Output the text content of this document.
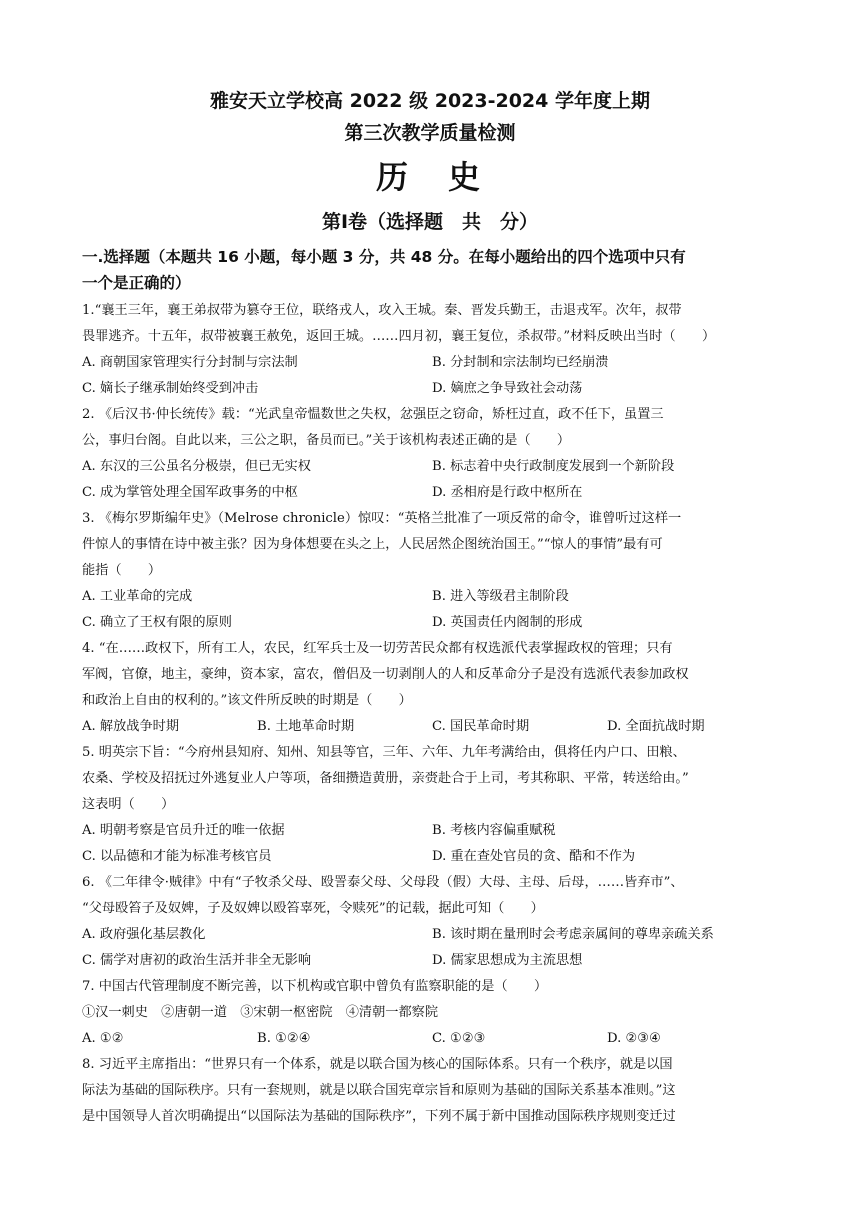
雅安天立学校高 2022 级 2023-2024 学年度上期
第三次教学质量检测
历　史
第Ⅰ卷（选择题　共　分）
一.选择题（本题共 16 小题，每小题 3 分，共 48 分。在每小题给出的四个选项中只有
一个是正确的）
1.“襄王三年，襄王弟叔带为篡夺王位，联络戎人，攻入王城。秦、晋发兵勤王，击退戎军。次年，叔带
畏罪逃齐。十五年，叔带被襄王赦免，返回王城。……四月初，襄王复位，杀叔带。”材料反映出当时（　　）
A. 商朝国家管理实行分封制与宗法制	B. 分封制和宗法制均已经崩溃
C. 嫡长子继承制始终受到冲击	D. 嫡庶之争导致社会动荡
2. 《后汉书·仲长统传》载：“光武皇帝愠数世之失权，忿强臣之窃命，矫枉过直，政不任下，虽置三
公，事归台阁。自此以来，三公之职，备员而已。”关于该机构表述正确的是（　　）
A. 东汉的三公虽名分极崇，但已无实权	B. 标志着中央行政制度发展到一个新阶段
C. 成为掌管处理全国军政事务的中枢	D. 丞相府是行政中枢所在
3. 《梅尔罗斯编年史》（Melrose chronicle）惊叹：“英格兰批准了一项反常的命令，谁曾听过这样一
件惊人的事情在诗中被主张？因为身体想要在头之上，人民居然企图统治国王。”“惊人的事情”最有可
能指（　　）
A. 工业革命的完成	B. 进入等级君主制阶段
C. 确立了王权有限的原则	D. 英国责任内阁制的形成
4. “在……政权下，所有工人，农民，红军兵士及一切劳苦民众都有权选派代表掌握政权的管理；只有
军阀，官僚，地主，豪绅，资本家，富农，僧侣及一切剥削人的人和反革命分子是没有选派代表参加政权
和政治上自由的权利的。”该文件所反映的时期是（　　）
A. 解放战争时期	B. 土地革命时期	C. 国民革命时期	D. 全面抗战时期
5. 明英宗下旨：“今府州县知府、知州、知县等官，三年、六年、九年考满给由，俱将任内户口、田粮、
农桑、学校及招抚过外逃复业人户等项，备细攒造黄册，亲赍赴合于上司，考其称职、平常，转送给由。”
这表明（　　）
A. 明朝考察是官员升迁的唯一依据	B. 考核内容偏重赋税
C. 以品德和才能为标准考核官员	D. 重在查处官员的贪、酷和不作为
6. 《二年律令·贼律》中有“子牧杀父母、殴詈泰父母、父母段（假）大母、主母、后母，……皆弃市”、
“父母殴笞子及奴婢，子及奴婢以殴笞辜死，令赎死”的记载，据此可知（　　）
A. 政府强化基层教化	B. 该时期在量刑时会考虑亲属间的尊卑亲疏关系
C. 儒学对唐初的政治生活并非全无影响	D. 儒家思想成为主流思想
7. 中国古代管理制度不断完善，以下机构或官职中曾负有监察职能的是（　　）
①汉一刺史　②唐朝一道　③宋朝一枢密院　④清朝一都察院
A. ①②	B. ①②④	C. ①②③	D. ②③④
8. 习近平主席指出：“世界只有一个体系，就是以联合国为核心的国际体系。只有一个秩序，就是以国
际法为基础的国际秩序。只有一套规则，就是以联合国宪章宗旨和原则为基础的国际关系基本准则。”这
是中国领导人首次明确提出“以国际法为基础的国际秩序”，下列不属于新中国推动国际秩序规则变迁过
